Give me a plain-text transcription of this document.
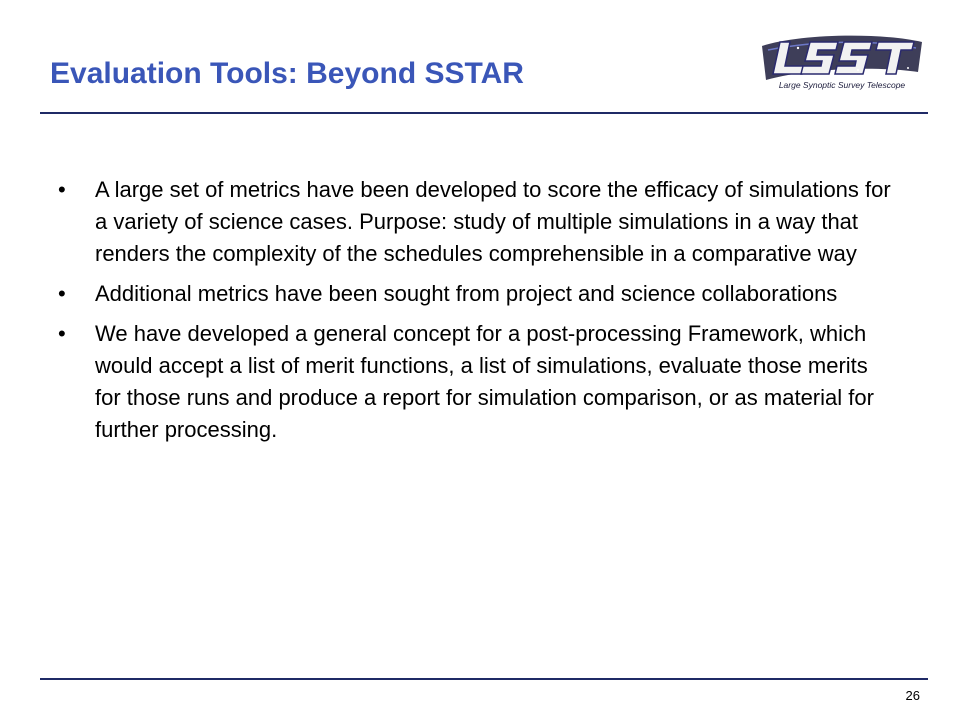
Evaluation Tools: Beyond SSTAR	Large Synoptic Survey Telescope
•	A large set of metrics have been developed to score the efficacy of simulations for a variety of science cases. Purpose: study of multiple simulations in a way that renders the complexity of the schedules comprehensible in a comparative way
•	Additional metrics have been sought from project and science collaborations
•	We have developed a general concept for a post-processing Framework, which would accept a list of merit functions, a list of simulations, evaluate those merits for those runs and produce a report for simulation comparison, or as material for further processing.
26
